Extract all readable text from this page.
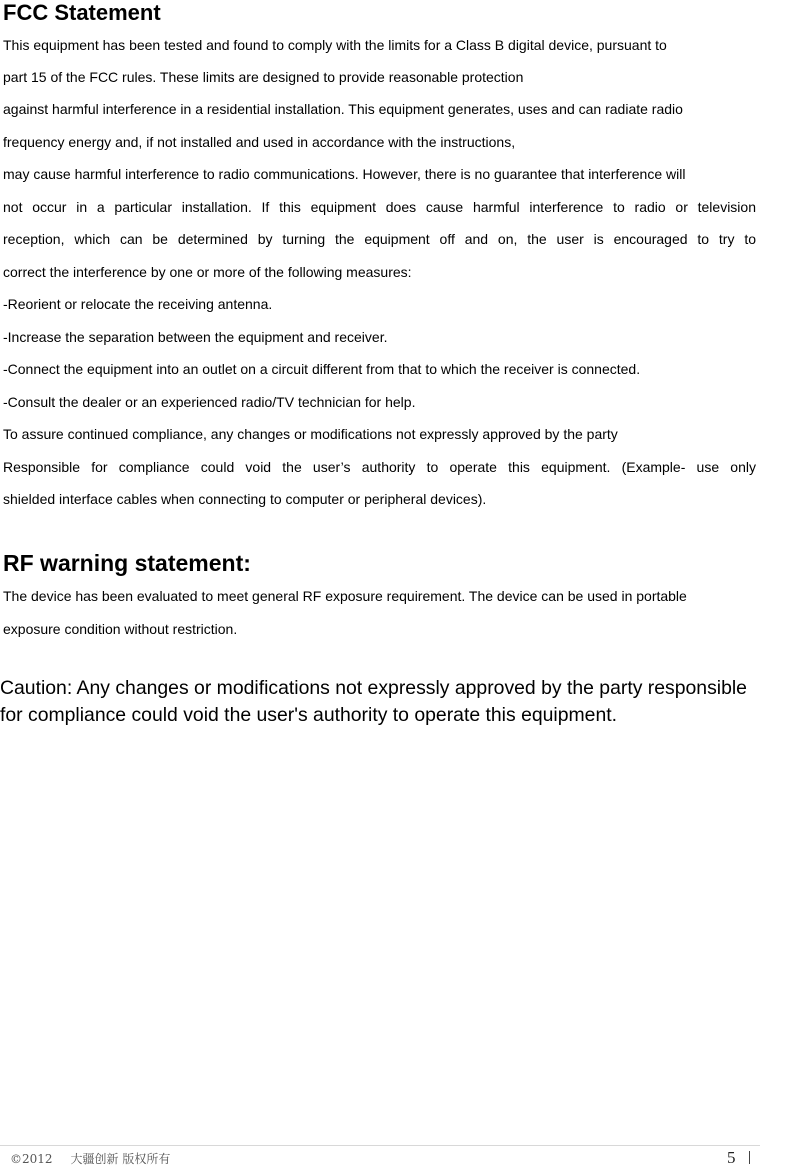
FCC Statement
This equipment has been tested and found to comply with the limits for a Class B digital device, pursuant to
part 15 of the FCC rules. These limits are designed to provide reasonable protection
against harmful interference in a residential installation. This equipment generates, uses and can radiate radio
frequency energy and, if not installed and used in accordance with the instructions,
may cause harmful interference to radio communications. However, there is no guarantee that interference will
not occur in a particular installation. If this equipment does cause harmful interference to radio or television
reception, which can be determined by turning the equipment off and on, the user is encouraged to try to
correct the interference by one or more of the following measures:
-Reorient or relocate the receiving antenna.
-Increase the separation between the equipment and receiver.
-Connect the equipment into an outlet on a circuit different from that to which the receiver is connected.
-Consult the dealer or an experienced radio/TV technician for help.
To assure continued compliance, any changes or modifications not expressly approved by the party
Responsible for compliance could void the user’s authority to operate this equipment. (Example- use only
shielded interface cables when connecting to computer or peripheral devices).
RF warning statement:
The device has been evaluated to meet general RF exposure requirement. The device can be used in portable
exposure condition without restriction.
Caution: Any changes or modifications not expressly approved by the party responsible
for compliance could void the user's authority to operate this equipment.
©2012 大疆创新 版权所有	5
